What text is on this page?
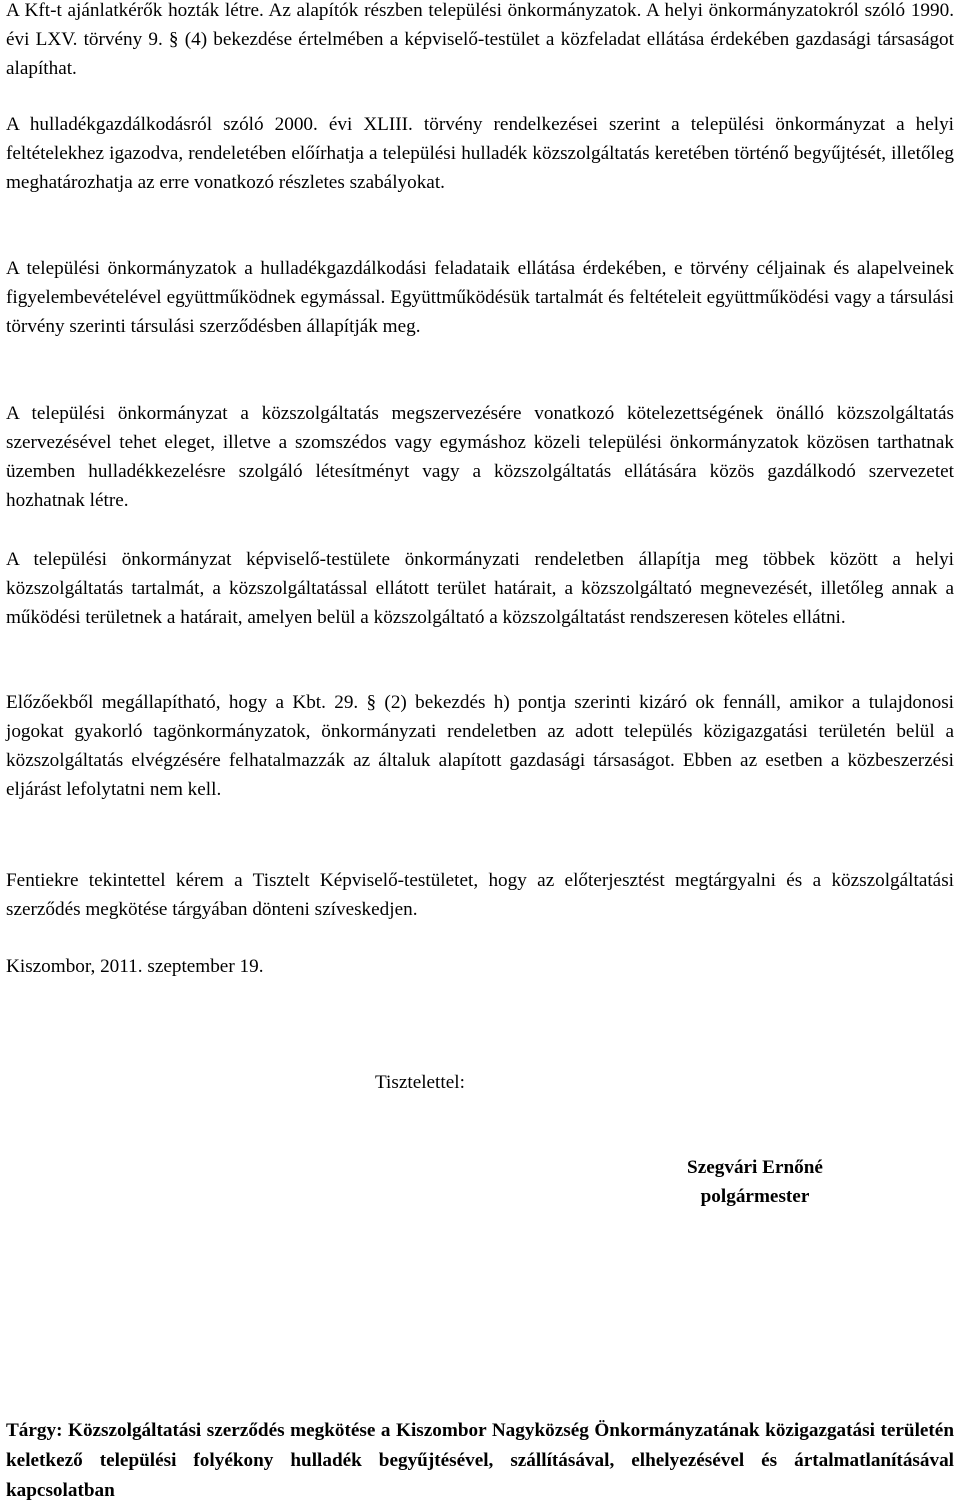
A Kft-t ajánlatkérők hozták létre. Az alapítók részben települési önkormányzatok. A helyi önkormányzatokról szóló 1990. évi LXV. törvény 9. § (4) bekezdése értelmében a képviselő-testület a közfeladat ellátása érdekében gazdasági társaságot alapíthat.

A hulladékgazdálkodásról szóló 2000. évi XLIII. törvény rendelkezései szerint a települési önkormányzat a helyi feltételekhez igazodva, rendeletében előírhatja a települési hulladék közszolgáltatás keretében történő begyűjtését, illetőleg meghatározhatja az erre vonatkozó részletes szabályokat.

A települési önkormányzatok a hulladékgazdálkodási feladataik ellátása érdekében, e törvény céljainak és alapelveinek figyelembevételével együttműködnek egymással. Együttműködésük tartalmát és feltételeit együttműködési vagy a társulási törvény szerinti társulási szerződésben állapítják meg.

A települési önkormányzat a közszolgáltatás megszervezésére vonatkozó kötelezettségének önálló közszolgáltatás szervezésével tehet eleget, illetve a szomszédos vagy egymáshoz közeli települési önkormányzatok közösen tarthatnak üzemben hulladékkezelésre szolgáló létesítményt vagy a közszolgáltatás ellátására közös gazdálkodó szervezetet hozhatnak létre.

A települési önkormányzat képviselő-testülete önkormányzati rendeletben állapítja meg többek között a helyi közszolgáltatás tartalmát, a közszolgáltatással ellátott terület határait, a közszolgáltató megnevezését, illetőleg annak a működési területnek a határait, amelyen belül a közszolgáltató a közszolgáltatást rendszeresen köteles ellátni.

Előzőekből megállapítható, hogy a Kbt. 29. § (2) bekezdés h) pontja szerinti kizáró ok fennáll, amikor a tulajdonosi jogokat gyakorló tagönkormányzatok, önkormányzati rendeletben az adott település közigazgatási területén belül a közszolgáltatás elvégzésére felhatalmazzák az általuk alapított gazdasági társaságot. Ebben az esetben a közbeszerzési eljárást lefolytatni nem kell.

Fentiekre tekintettel kérem a Tisztelt Képviselő-testületet, hogy az előterjesztést megtárgyalni és a közszolgáltatási szerződés megkötése tárgyában dönteni szíveskedjen.

Kiszombor, 2011. szeptember 19.

Tisztelettel:
Szegvári Ernőné
polgármester

Tárgy: Közszolgáltatási szerződés megkötése a Kiszombor Nagyközség Önkormányzatának közigazgatási területén keletkező települési folyékony hulladék begyűjtésével, szállításával, elhelyezésével és ártalmatlanításával kapcsolatban
